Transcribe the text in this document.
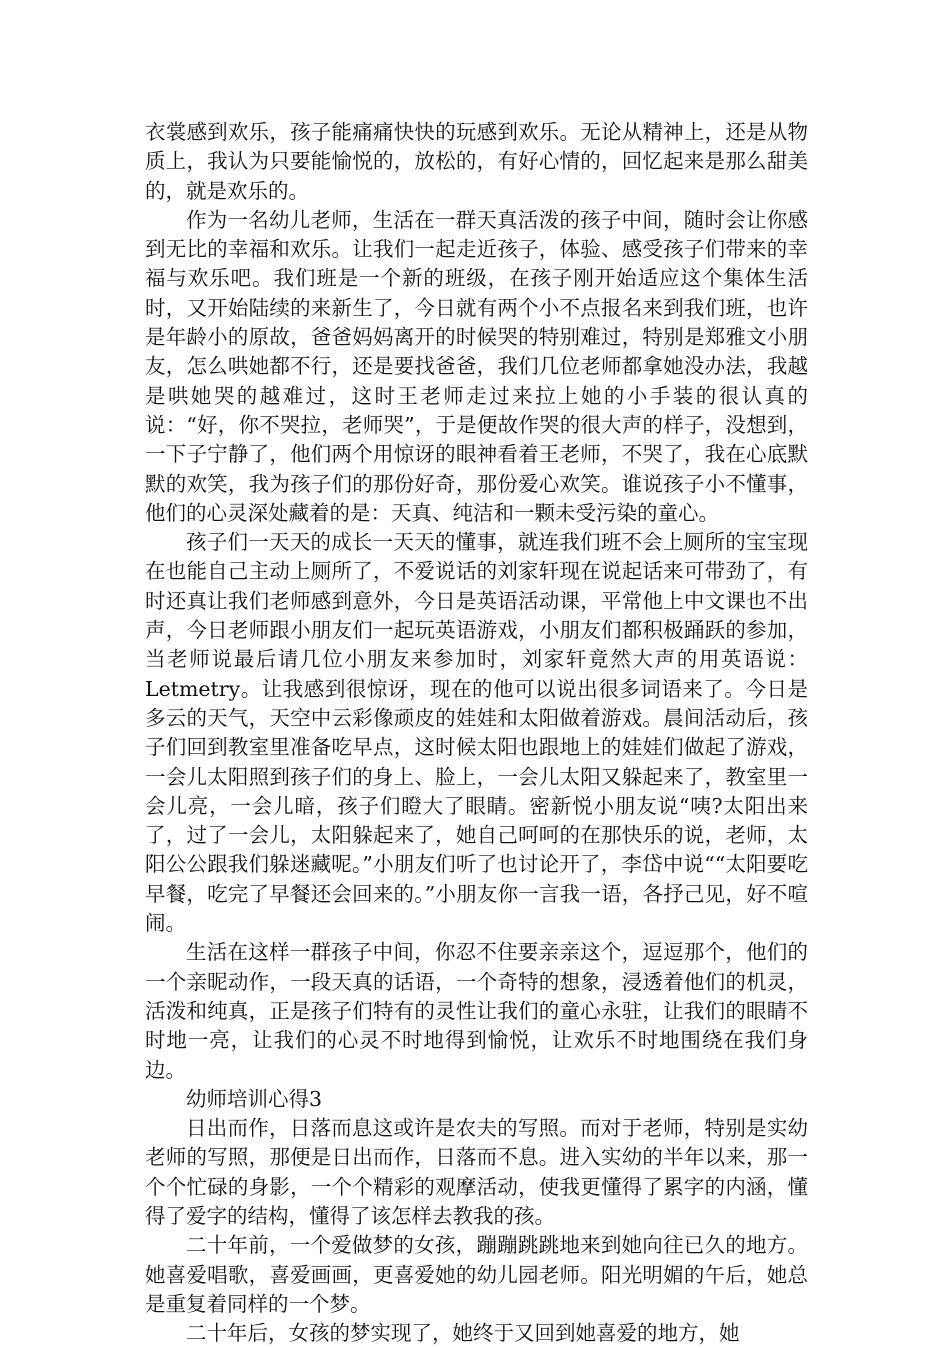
衣裳感到欢乐，孩子能痛痛快快的玩感到欢乐。无论从精神上，还是从物质上，我认为只要能愉悦的，放松的，有好心情的，回忆起来是那么甜美的，就是欢乐的。

作为一名幼儿老师，生活在一群天真活泼的孩子中间，随时会让你感到无比的幸福和欢乐。让我们一起走近孩子，体验、感受孩子们带来的幸福与欢乐吧。我们班是一个新的班级，在孩子刚开始适应这个集体生活时，又开始陆续的来新生了，今日就有两个小不点报名来到我们班，也许是年龄小的原故，爸爸妈妈离开的时候哭的特别难过，特别是郑雅文小朋友，怎么哄她都不行，还是要找爸爸，我们几位老师都拿她没办法，我越是哄她哭的越难过，这时王老师走过来拉上她的小手装的很认真的说：“好，你不哭拉，老师哭”，于是便故作哭的很大声的样子，没想到，一下子宁静了，他们两个用惊讶的眼神看着王老师，不哭了，我在心底默默的欢笑，我为孩子们的那份好奇，那份爱心欢笑。谁说孩子小不懂事，他们的心灵深处藏着的是：天真、纯洁和一颗未受污染的童心。

孩子们一天天的成长一天天的懂事，就连我们班不会上厕所的宝宝现在也能自己主动上厕所了，不爱说话的刘家轩现在说起话来可带劲了，有时还真让我们老师感到意外，今日是英语活动课，平常他上中文课也不出声，今日老师跟小朋友们一起玩英语游戏，小朋友们都积极踊跃的参加，当老师说最后请几位小朋友来参加时，刘家轩竟然大声的用英语说：Letmetry。让我感到很惊讶，现在的他可以说出很多词语来了。今日是多云的天气，天空中云彩像顽皮的娃娃和太阳做着游戏。晨间活动后，孩子们回到教室里准备吃早点，这时候太阳也跟地上的娃娃们做起了游戏，一会儿太阳照到孩子们的身上、脸上，一会儿太阳又躲起来了，教室里一会儿亮，一会儿暗，孩子们瞪大了眼睛。密新悦小朋友说“咦?太阳出来了，过了一会儿，太阳躲起来了，她自己呵呵的在那快乐的说，老师，太阳公公跟我们躲迷藏呢。”小朋友们听了也讨论开了，李岱中说““太阳要吃早餐，吃完了早餐还会回来的。”小朋友你一言我一语，各抒己见，好不喧闹。

生活在这样一群孩子中间，你忍不住要亲亲这个，逗逗那个，他们的一个亲昵动作，一段天真的话语，一个奇特的想象，浸透着他们的机灵，活泼和纯真，正是孩子们特有的灵性让我们的童心永驻，让我们的眼睛不时地一亮，让我们的心灵不时地得到愉悦，让欢乐不时地围绕在我们身边。

幼师培训心得3

日出而作，日落而息这或许是农夫的写照。而对于老师，特别是实幼老师的写照，那便是日出而作，日落而不息。进入实幼的半年以来，那一个个忙碌的身影，一个个精彩的观摩活动，使我更懂得了累字的内涵，懂得了爱字的结构，懂得了该怎样去教我的孩。

二十年前，一个爱做梦的女孩，蹦蹦跳跳地来到她向往已久的地方。她喜爱唱歌，喜爱画画，更喜爱她的幼儿园老师。阳光明媚的午后，她总是重复着同样的一个梦。

二十年后，女孩的梦实现了，她终于又回到她喜爱的地方，她
